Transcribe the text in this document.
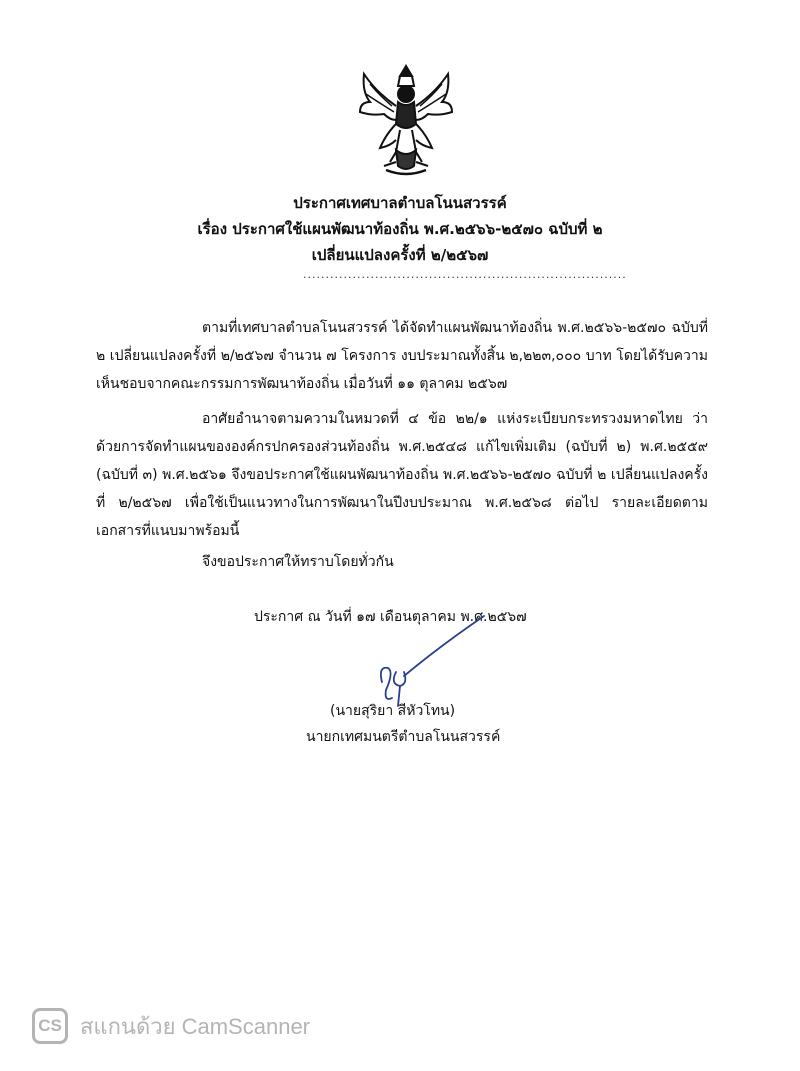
ประกาศเทศบาลตำบลโนนสวรรค์
เรื่อง ประกาศใช้แผนพัฒนาท้องถิ่น พ.ศ.๒๕๖๖-๒๕๗๐ ฉบับที่ ๒
เปลี่ยนแปลงครั้งที่ ๒/๒๕๖๗
........................................................................

ตามที่เทศบาลตำบลโนนสวรรค์ ได้จัดทำแผนพัฒนาท้องถิ่น พ.ศ.๒๕๖๖-๒๕๗๐ ฉบับที่ ๒ เปลี่ยนแปลงครั้งที่ ๒/๒๕๖๗ จำนวน ๗ โครงการ งบประมาณทั้งสิ้น ๒,๒๒๓,๐๐๐ บาท โดยได้รับความเห็นชอบจากคณะกรรมการพัฒนาท้องถิ่น เมื่อวันที่ ๑๑ ตุลาคม ๒๕๖๗

อาศัยอำนาจตามความในหมวดที่ ๔ ข้อ ๒๒/๑ แห่งระเบียบกระทรวงมหาดไทย ว่าด้วยการจัดทำแผนขององค์กรปกครองส่วนท้องถิ่น พ.ศ.๒๕๔๘ แก้ไขเพิ่มเติม (ฉบับที่ ๒) พ.ศ.๒๕๕๙ (ฉบับที่ ๓) พ.ศ.๒๕๖๑ จึงขอประกาศใช้แผนพัฒนาท้องถิ่น พ.ศ.๒๕๖๖-๒๕๗๐ ฉบับที่ ๒ เปลี่ยนแปลงครั้งที่ ๒/๒๕๖๗ เพื่อใช้เป็นแนวทางในการพัฒนาในปีงบประมาณ พ.ศ.๒๕๖๘ ต่อไป รายละเอียดตามเอกสารที่แนบมาพร้อมนี้

จึงขอประกาศให้ทราบโดยทั่วกัน

ประกาศ ณ วันที่ ๑๗ เดือนตุลาคม พ.ศ.๒๕๖๗
(นายสุริยา สีหัวโทน)
นายกเทศมนตรีตำบลโนนสวรรค์
CS สแกนด้วย CamScanner
